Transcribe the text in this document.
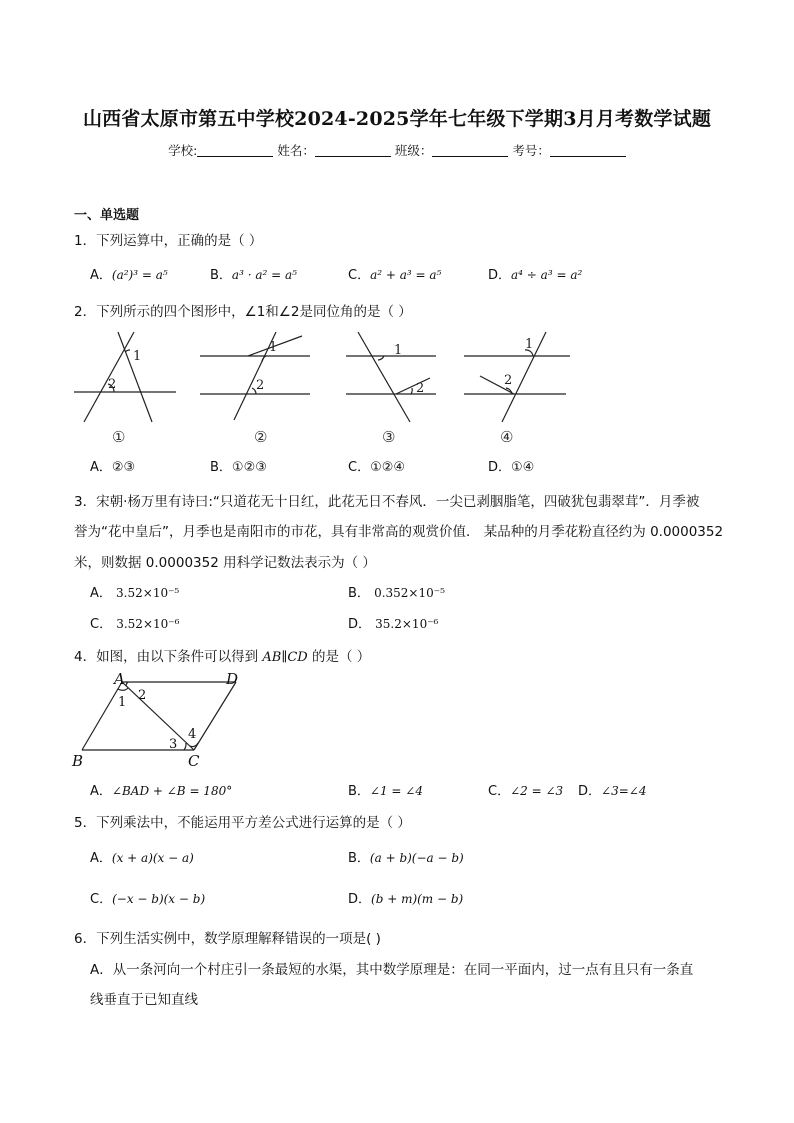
山西省太原市第五中学校2024-2025学年七年级下学期3月月考数学试题
学校:	姓名：	班级：	考号：
一、单选题
1．下列运算中，正确的是（ ）
A．(a²)³ = a⁵	B．a³ · a² = a⁵	C．a² + a³ = a⁵	D．a⁴ ÷ a³ = a²
2．下列所示的四个图形中，∠1和∠2是同位角的是（ ）
1
2
1
2
1
2
1
2
①	②	③	④
A．②③	B．①②③	C．①②④	D．①④
3．宋朝·杨万里有诗曰:“只道花无十日红，此花无日不春风．一尖已剥胭脂笔，四破犹包翡翠茸”．月季被
誉为“花中皇后”，月季也是南阳市的市花，具有非常高的观赏价值． 某品种的月季花粉直径约为 0.0000352
米，则数据 0.0000352 用科学记数法表示为（ ）
A． 3.52×10⁻⁵	B． 0.352×10⁻⁵
C． 3.52×10⁻⁶	D． 35.2×10⁻⁶
4．如图，由以下条件可以得到 AB∥CD 的是（ ）
A	D
B	C
1 2
3
4
A．∠BAD + ∠B = 180°	B．∠1 = ∠4	C．∠2 = ∠3 D．∠3=∠4
5．下列乘法中，不能运用平方差公式进行运算的是（ ）
A．(x + a)(x − a)	B．(a + b)(−a − b)
C．(−x − b)(x − b)	D．(b + m)(m − b)
6．下列生活实例中，数学原理解释错误的一项是( )
A．从一条河向一个村庄引一条最短的水渠，其中数学原理是：在同一平面内，过一点有且只有一条直
线垂直于已知直线
